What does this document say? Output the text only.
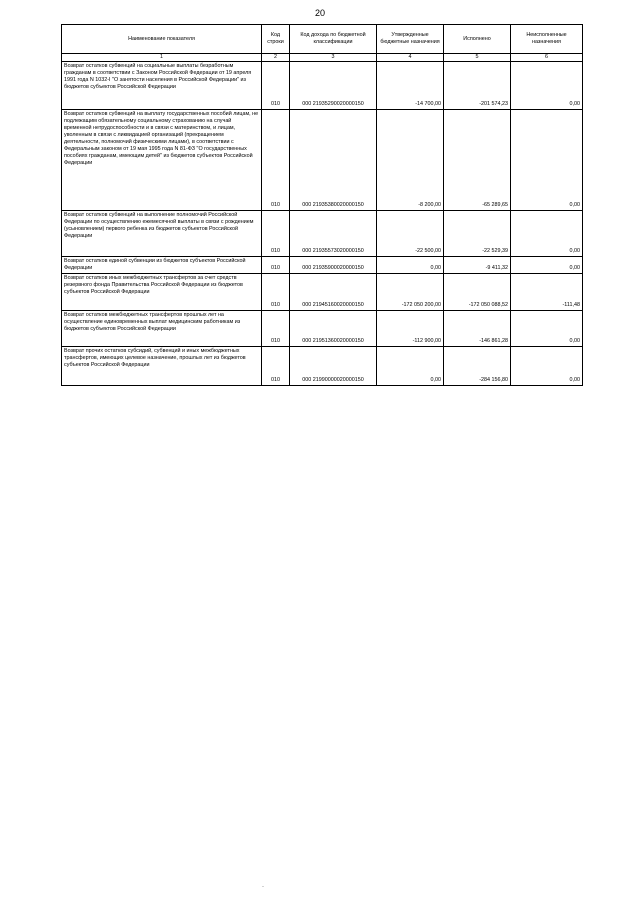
20
Наименование показателя	Код строки	Код дохода по бюджетной классификации	Утвержденные бюджетные назначения	Исполнено	Неисполненные назначения
1	2	3	4	5	6
Возврат остатков субвенций на социальные выплаты безработным гражданам в соответствии с Законом Российской Федерации от 19 апреля 1991 года N 1032-I "О занятости населения в Российской Федерации" из бюджетов субъектов Российской Федерации	010	000 21935290020000150	-14 700,00	-201 574,23	0,00
Возврат остатков субвенций на выплату государственных пособий лицам, не подлежащим обязательному социальному страхованию на случай временной нетрудоспособности и в связи с материнством, и лицам, уволенным в связи с ликвидацией организаций (прекращением деятельности, полномочий физическими лицами), в соответствии с Федеральным законом от 19 мая 1995 года N 81-ФЗ "О государственных пособиях гражданам, имеющим детей" из бюджетов субъектов Российской Федерации	010	000 21935380020000150	-8 200,00	-65 289,65	0,00
Возврат остатков субвенций на выполнение полномочий Российской Федерации по осуществлению ежемесячной выплаты в связи с рождением (усыновлением) первого ребенка из бюджетов субъектов Российской Федерации	010	000 21935573020000150	-22 500,00	-22 529,39	0,00
Возврат остатков единой субвенции из бюджетов субъектов Российской Федерации	010	000 21935900020000150	0,00	-9 411,32	0,00
Возврат остатков иных межбюджетных трансфертов за счет средств резервного фонда Правительства Российской Федерации из бюджетов субъектов Российской Федерации	010	000 21945160020000150	-172 050 200,00	-172 050 088,52	-111,48
Возврат остатков межбюджетных трансфертов прошлых лет на осуществление единовременных выплат медицинским работникам из бюджетов субъектов Российской Федерации	010	000 21951360020000150	-112 900,00	-146 861,28	0,00
Возврат прочих остатков субсидий, субвенций и иных межбюджетных трансфертов, имеющих целевое назначение, прошлых лет из бюджетов субъектов Российской Федерации	010	000 21990000020000150	0,00	-284 156,80	0,00
·
